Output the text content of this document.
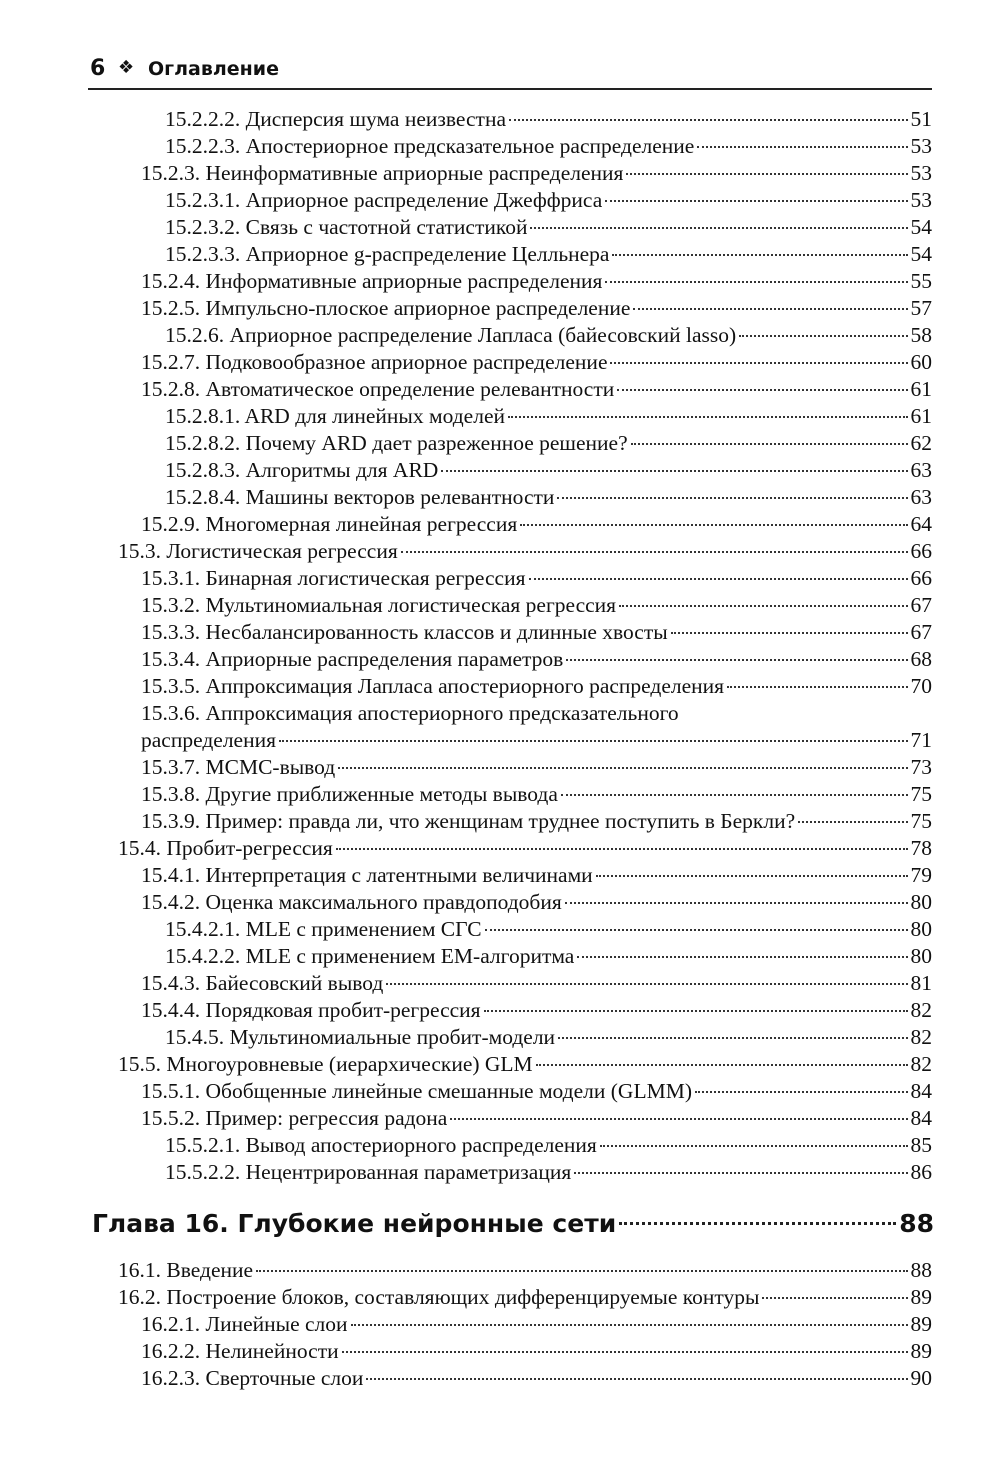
6 ❖ Оглавление
15.2.2.2. Дисперсия шума неизвестна	51
15.2.2.3. Апостериорное предсказательное распределение	53
15.2.3. Неинформативные априорные распределения	53
15.2.3.1. Априорное распределение Джеффриса	53
15.2.3.2. Связь с частотной статистикой	54
15.2.3.3. Априорное g-распределение Целльнера	54
15.2.4. Информативные априорные распределения	55
15.2.5. Импульсно-плоское априорное распределение	57
15.2.6. Априорное распределение Лапласа (байесовский lasso)	58
15.2.7. Подковообразное априорное распределение	60
15.2.8. Автоматическое определение релевантности	61
15.2.8.1. ARD для линейных моделей	61
15.2.8.2. Почему ARD дает разреженное решение?	62
15.2.8.3. Алгоритмы для ARD	63
15.2.8.4. Машины векторов релевантности	63
15.2.9. Многомерная линейная регрессия	64
15.3. Логистическая регрессия	66
15.3.1. Бинарная логистическая регрессия	66
15.3.2. Мультиномиальная логистическая регрессия	67
15.3.3. Несбалансированность классов и длинные хвосты	67
15.3.4. Априорные распределения параметров	68
15.3.5. Аппроксимация Лапласа апостериорного распределения	70
15.3.6. Аппроксимация апостериорного предсказательного
распределения	71
15.3.7. МСМС-вывод	73
15.3.8. Другие приближенные методы вывода	75
15.3.9. Пример: правда ли, что женщинам труднее поступить в Беркли?	75
15.4. Пробит-регрессия	78
15.4.1. Интерпретация с латентными величинами	79
15.4.2. Оценка максимального правдоподобия	80
15.4.2.1. MLE с применением СГС	80
15.4.2.2. MLE с применением EM-алгоритма	80
15.4.3. Байесовский вывод	81
15.4.4. Порядковая пробит-регрессия	82
15.4.5. Мультиномиальные пробит-модели	82
15.5. Многоуровневые (иерархические) GLM	82
15.5.1. Обобщенные линейные смешанные модели (GLMM)	84
15.5.2. Пример: регрессия радона	84
15.5.2.1. Вывод апостериорного распределения	85
15.5.2.2. Нецентрированная параметризация	86
Глава 16. Глубокие нейронные сети	88
16.1. Введение	88
16.2. Построение блоков, составляющих дифференцируемые контуры	89
16.2.1. Линейные слои	89
16.2.2. Нелинейности	89
16.2.3. Сверточные слои	90
